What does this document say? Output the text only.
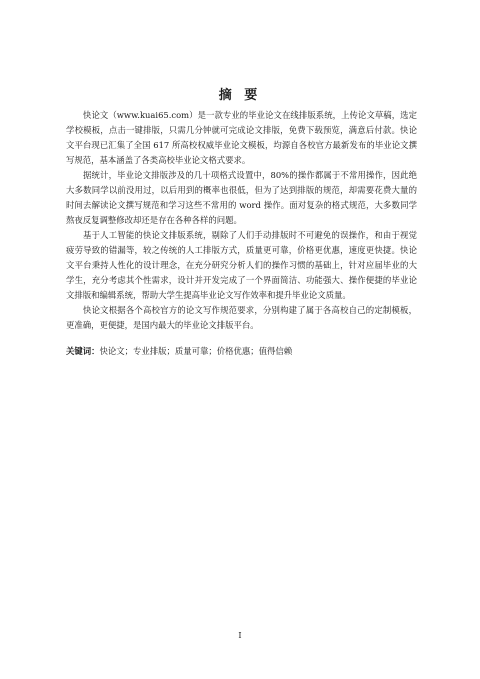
摘 要

快论文（www.kuai65.com）是一款专业的毕业论文在线排版系统，上传论文草稿，选定学校模板，点击一键排版，只需几分钟就可完成论文排版，免费下载预览，满意后付款。快论文平台现已汇集了全国 617 所高校权威毕业论文模板，均源自各校官方最新发布的毕业论文撰写规范，基本涵盖了各类高校毕业论文格式要求。

据统计，毕业论文排版涉及的几十项格式设置中，80%的操作都属于不常用操作，因此绝大多数同学以前没用过，以后用到的概率也很低，但为了达到排版的规范，却需要花费大量的时间去解读论文撰写规范和学习这些不常用的 word 操作。面对复杂的格式规范，大多数同学熬夜反复调整修改却还是存在各种各样的问题。

基于人工智能的快论文排版系统，剔除了人们手动排版时不可避免的误操作，和由于视觉疲劳导致的错漏等，较之传统的人工排版方式，质量更可靠，价格更优惠，速度更快捷。快论文平台秉持人性化的设计理念，在充分研究分析人们的操作习惯的基础上，针对应届毕业的大学生，充分考虑其个性需求，设计并开发完成了一个界面简洁、功能强大、操作便捷的毕业论文排版和编辑系统，帮助大学生提高毕业论文写作效率和提升毕业论文质量。

快论文根据各个高校官方的论文写作规范要求，分别构建了属于各高校自己的定制模板，更准确，更便捷，是国内最大的毕业论文排版平台。

关键词：快论文；专业排版；质量可靠；价格优惠；值得信赖
I
